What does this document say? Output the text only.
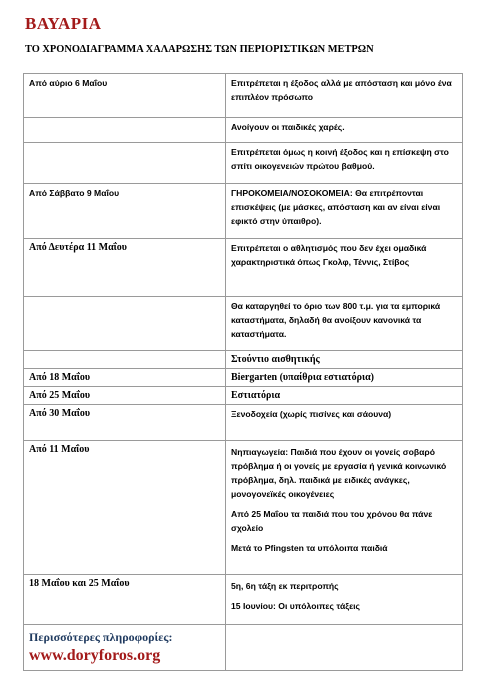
ΒΑΥΑΡΙΑ
ΤΟ ΧΡΟΝΟΔΙΑΓΡΑΜΜΑ ΧΑΛΑΡΩΣΗΣ ΤΩΝ ΠΕΡΙΟΡΙΣΤΙΚΩΝ ΜΕΤΡΩΝ
Από αύριο 6 Μαΐου	Επιτρέπεται η έξοδος αλλά με απόσταση και μόνο ένα επιπλέον πρόσωπο
	Ανοίγουν οι παιδικές χαρές.
	Επιτρέπεται όμως η κοινή έξοδος και η επίσκεψη στο σπίτι οικογενειών πρώτου βαθμού.
Από Σάββατο 9 Μαΐου	ΓΗΡΟΚΟΜΕΙΑ/ΝΟΣΟΚΟΜΕΙΑ: Θα επιτρέπονται επισκέψεις (με μάσκες, απόσταση και αν είναι είναι εφικτό στην ύπαιθρο).
Από Δευτέρα 11 Μαΐου	Επιτρέπεται ο αθλητισμός που δεν έχει ομαδικά χαρακτηριστικά όπως Γκολφ, Τέννις, Στίβος
	Θα καταργηθεί το όριο των 800 τ.μ. για τα εμπορικά καταστήματα, δηλαδή θα ανοίξουν κανονικά τα καταστήματα.
	Στούντιο αισθητικής
Από 18 Μαΐου	Biergarten (υπαίθρια εστιατόρια)
Από 25 Μαΐου	Εστιατόρια
Από 30 Μαΐου	Ξενοδοχεία (χωρίς πισίνες και σάουνα)
Από 11 Μαΐου	Νηπιαγωγεία: Παιδιά που έχουν οι γονείς σοβαρό πρόβλημα ή οι γονείς με εργασία ή γενικά κοινωνικό πρόβλημα, δηλ. παιδικά με ειδικές ανάγκες, μονογονεϊκές οικογένειες
Από 25 Μαΐου τα παιδιά που του χρόνου θα πάνε σχολείο
Μετά το Pfingsten τα υπόλοιπα παιδιά

18 Μαΐου και 25 Μαΐου	5η, 6η τάξη εκ περιτροπής
15 Ιουνίου: Οι υπόλοιπες τάξεις

Περισσότερες πληροφορίες:
www.doryforos.org	
